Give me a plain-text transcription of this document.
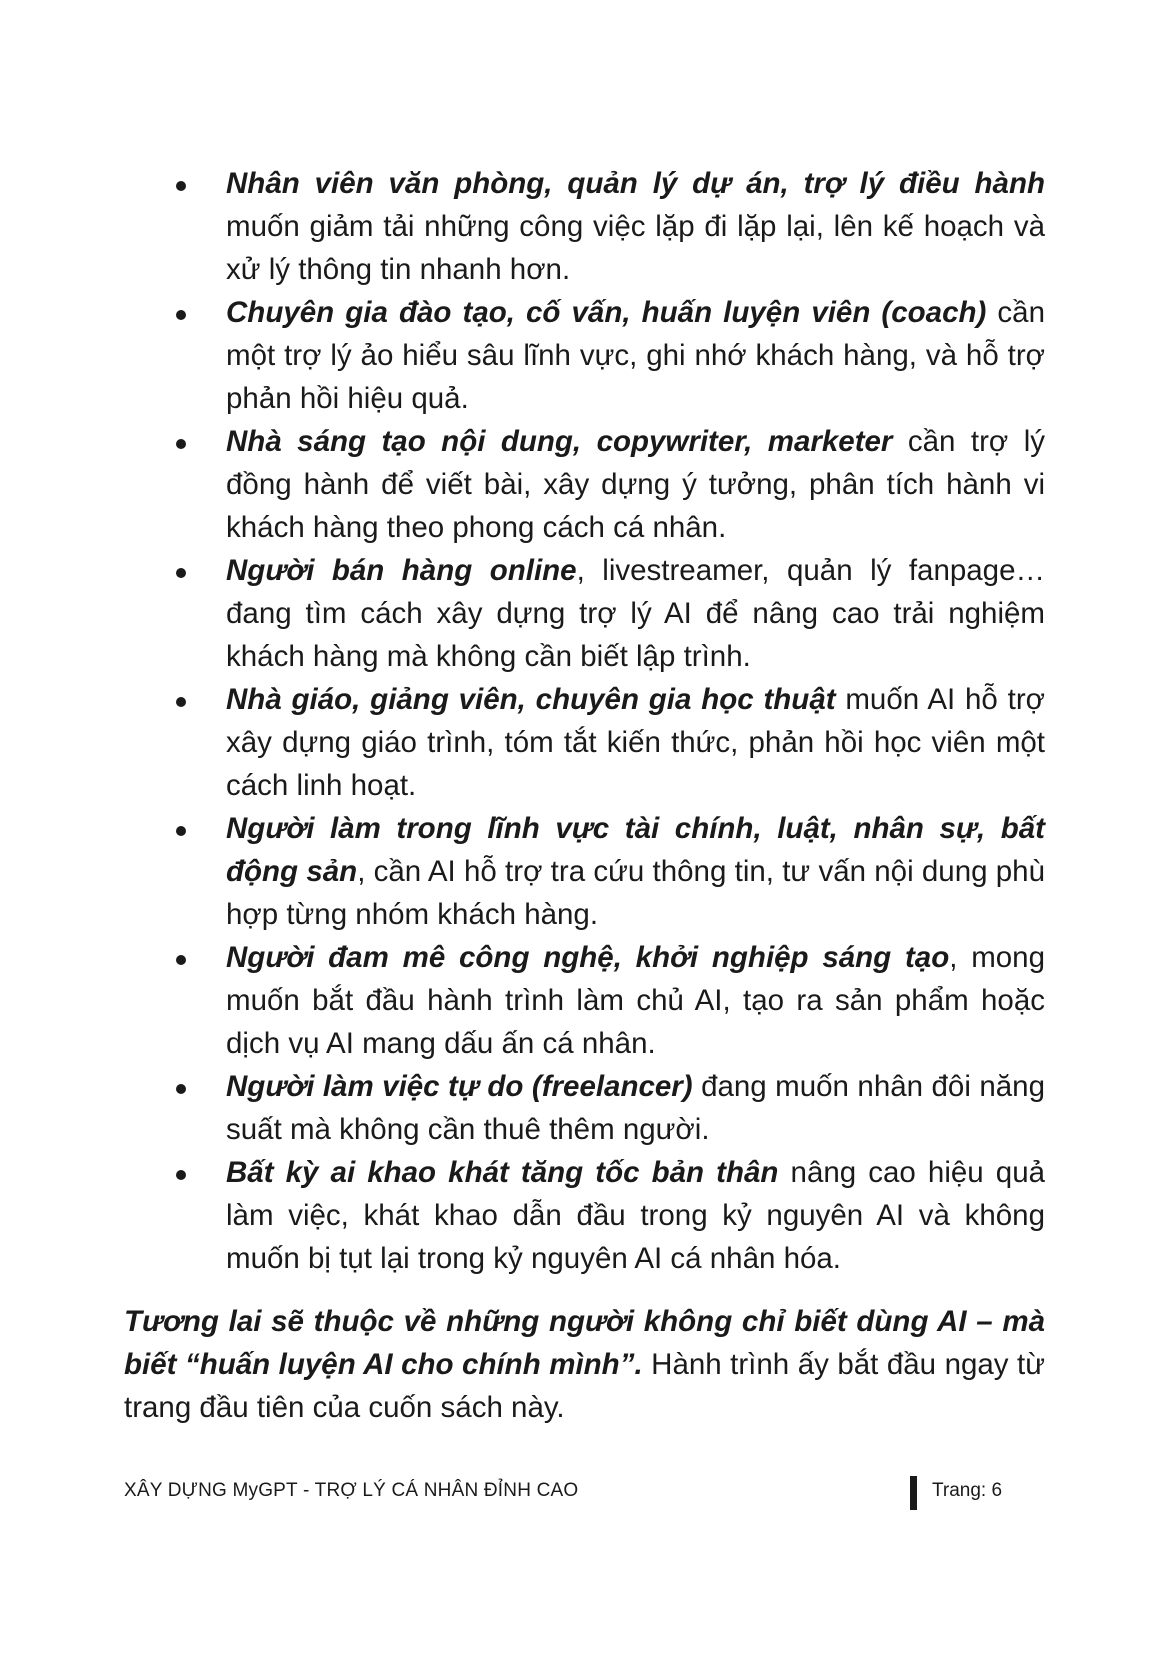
Nhân viên văn phòng, quản lý dự án, trợ lý điều hành muốn giảm tải những công việc lặp đi lặp lại, lên kế hoạch và xử lý thông tin nhanh hơn.
Chuyên gia đào tạo, cố vấn, huấn luyện viên (coach) cần một trợ lý ảo hiểu sâu lĩnh vực, ghi nhớ khách hàng, và hỗ trợ phản hồi hiệu quả.
Nhà sáng tạo nội dung, copywriter, marketer cần trợ lý đồng hành để viết bài, xây dựng ý tưởng, phân tích hành vi khách hàng theo phong cách cá nhân.
Người bán hàng online, livestreamer, quản lý fanpage… đang tìm cách xây dựng trợ lý AI để nâng cao trải nghiệm khách hàng mà không cần biết lập trình.
Nhà giáo, giảng viên, chuyên gia học thuật muốn AI hỗ trợ xây dựng giáo trình, tóm tắt kiến thức, phản hồi học viên một cách linh hoạt.
Người làm trong lĩnh vực tài chính, luật, nhân sự, bất động sản, cần AI hỗ trợ tra cứu thông tin, tư vấn nội dung phù hợp từng nhóm khách hàng.
Người đam mê công nghệ, khởi nghiệp sáng tạo, mong muốn bắt đầu hành trình làm chủ AI, tạo ra sản phẩm hoặc dịch vụ AI mang dấu ấn cá nhân.
Người làm việc tự do (freelancer) đang muốn nhân đôi năng suất mà không cần thuê thêm người.
Bất kỳ ai khao khát tăng tốc bản thân nâng cao hiệu quả làm việc, khát khao dẫn đầu trong kỷ nguyên AI và không muốn bị tụt lại trong kỷ nguyên AI cá nhân hóa.

Tương lai sẽ thuộc về những người không chỉ biết dùng AI – mà biết “huấn luyện AI cho chính mình”. Hành trình ấy bắt đầu ngay từ trang đầu tiên của cuốn sách này.

XÂY DỰNG MyGPT - TRỢ LÝ CÁ NHÂN ĐỈNH CAO	Trang: 6
